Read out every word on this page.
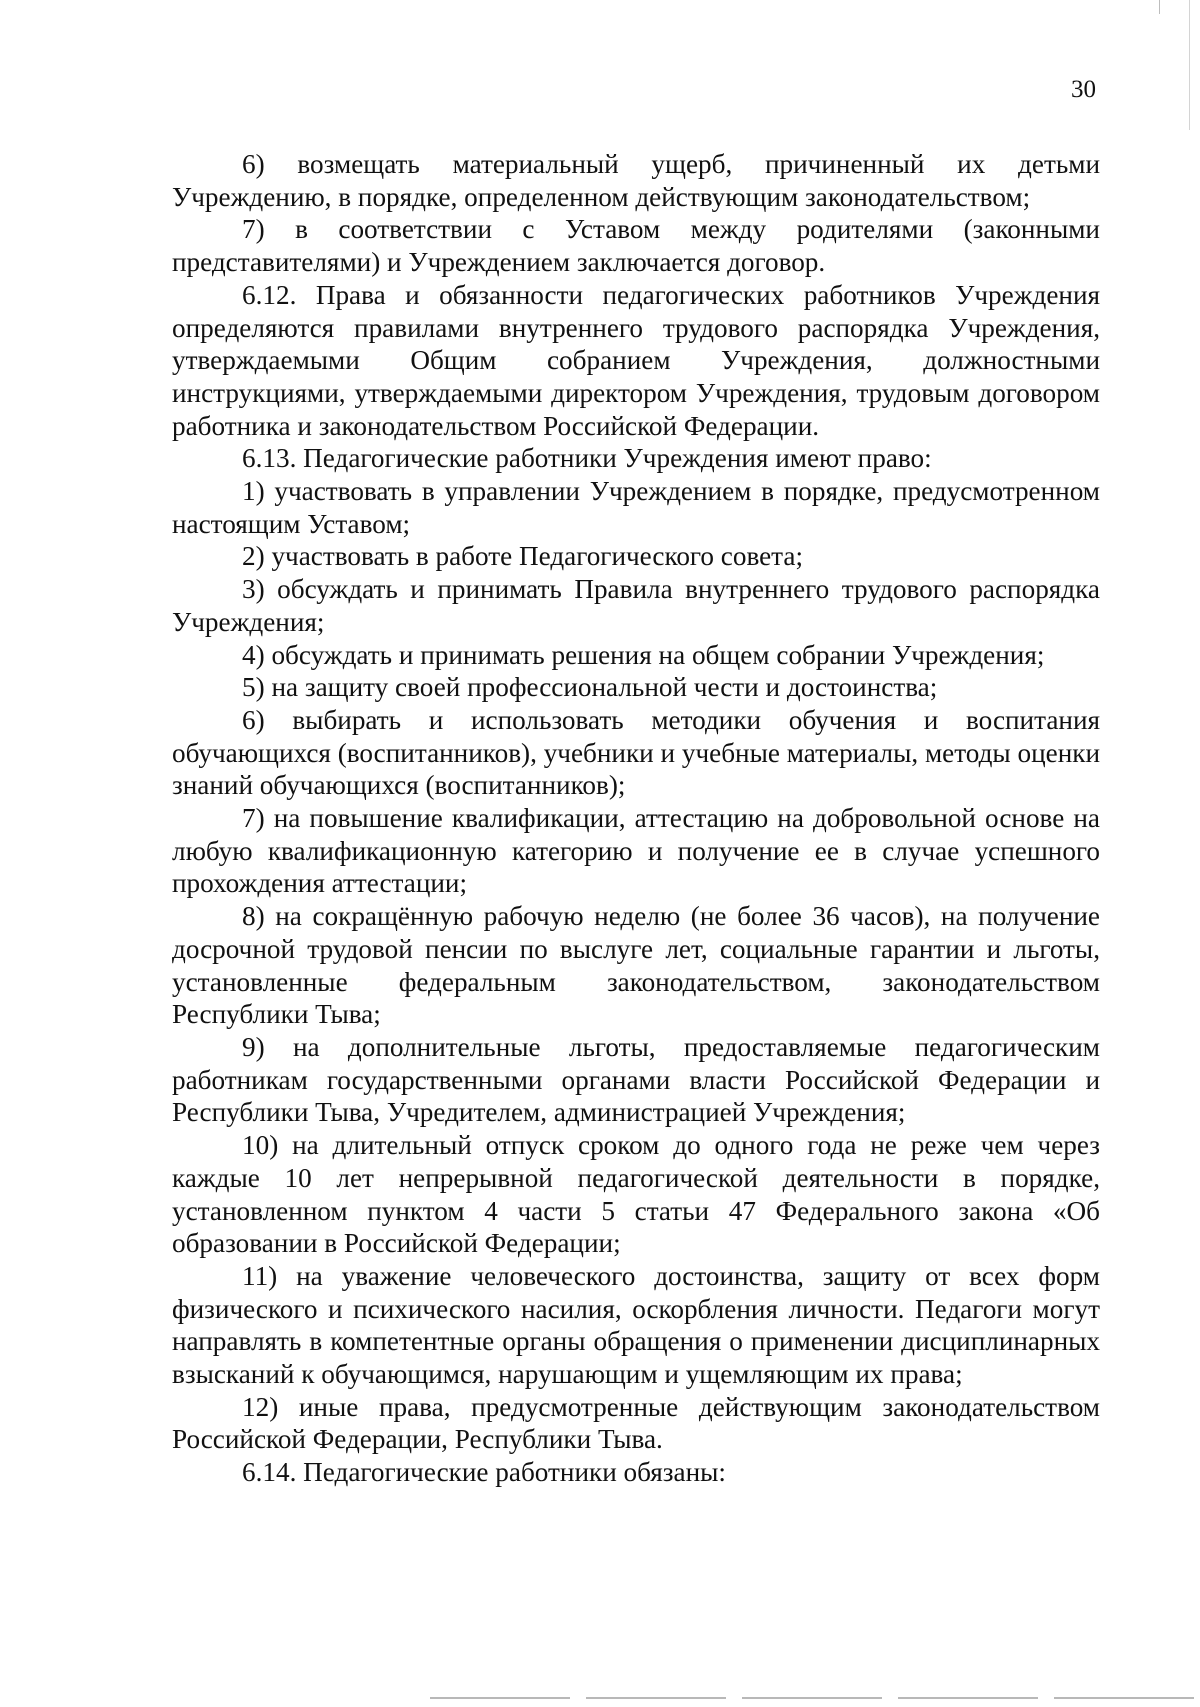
30

6) возмещать материальный ущерб, причиненный их детьми Учреждению, в порядке, определенном действующим законодательством;

7) в соответствии с Уставом между родителями (законными представителями) и Учреждением заключается договор.

6.12. Права и обязанности педагогических работников Учреждения определяются правилами внутреннего трудового распорядка Учреждения, утверждаемыми Общим собранием Учреждения, должностными инструкциями, утверждаемыми директором Учреждения, трудовым договором работника и законодательством Российской Федерации.

6.13. Педагогические работники Учреждения имеют право:

1) участвовать в управлении Учреждением в порядке, предусмотренном настоящим Уставом;

2) участвовать в работе Педагогического совета;

3) обсуждать и принимать Правила внутреннего трудового распорядка Учреждения;

4) обсуждать и принимать решения на общем собрании Учреждения;

5) на защиту своей профессиональной чести и достоинства;

6) выбирать и использовать методики обучения и воспитания обучающихся (воспитанников), учебники и учебные материалы, методы оценки знаний обучающихся (воспитанников);

7) на повышение квалификации, аттестацию на добровольной основе на любую квалификационную категорию и получение ее в случае успешного прохождения аттестации;

8) на сокращённую рабочую неделю (не более 36 часов), на получение досрочной трудовой пенсии по выслуге лет, социальные гарантии и льготы, установленные федеральным законодательством, законодательством Республики Тыва;

9) на дополнительные льготы, предоставляемые педагогическим работникам государственными органами власти Российской Федерации и Республики Тыва, Учредителем, администрацией Учреждения;

10) на длительный отпуск сроком до одного года не реже чем через каждые 10 лет непрерывной педагогической деятельности в порядке, установленном пунктом 4 части 5 статьи 47 Федерального закона «Об образовании в Российской Федерации;

11) на уважение человеческого достоинства, защиту от всех форм физического и психического насилия, оскорбления личности. Педагоги могут направлять в компетентные органы обращения о применении дисциплинарных взысканий к обучающимся, нарушающим и ущемляющим их права;

12) иные права, предусмотренные действующим законодательством Российской Федерации, Республики Тыва.

6.14. Педагогические работники обязаны:
